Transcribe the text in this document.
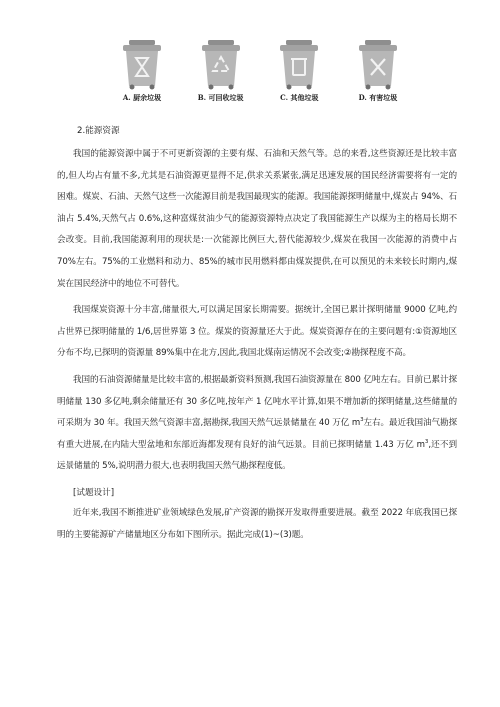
A. 厨余垃圾	B. 可回收垃圾	C. 其他垃圾	D. 有害垃圾
2.能源资源

我国的能源资源中属于不可更新资源的主要有煤、石油和天然气等。总的来看,这些资源还是比较丰富的,但人均占有量不多,尤其是石油资源更显得不足,供求关系紧张,满足迅速发展的国民经济需要将有一定的困难。煤炭、石油、天然气这些一次能源目前是我国最现实的能源。我国能源探明储量中,煤炭占 94%、石油占 5.4%,天然气占 0.6%,这种富煤贫油少气的能源资源特点决定了我国能源生产以煤为主的格局长期不会改变。目前,我国能源利用的现状是:一次能源比例巨大,替代能源较少,煤炭在我国一次能源的消费中占 70%左右。75%的工业燃料和动力、85%的城市民用燃料都由煤炭提供,在可以预见的未来较长时期内,煤炭在国民经济中的地位不可替代。

我国煤炭资源十分丰富,储量很大,可以满足国家长期需要。据统计,全国已累计探明储量 9000 亿吨,约占世界已探明储量的 1/6,居世界第 3 位。煤炭的资源量还大于此。煤炭资源存在的主要问题有:①资源地区分布不均,已探明的资源量 89%集中在北方,因此,我国北煤南运情况不会改变;②勘探程度不高。

我国的石油资源储量是比较丰富的,根据最新资料预测,我国石油资源量在 800 亿吨左右。目前已累计探明储量 130 多亿吨,剩余储量还有 30 多亿吨,按年产 1 亿吨水平计算,如果不增加新的探明储量,这些储量的可采期为 30 年。我国天然气资源丰富,据勘探,我国天然气远景储量在 40 万亿 $m^3$左右。最近我国油气勘探有重大进展,在内陆大型盆地和东部近海都发现有良好的油气远景。目前已探明储量 1.43 万亿 $m^3$,还不到远景储量的 5%,说明潜力很大,也表明我国天然气勘探程度低。

[试题设计]

近年来,我国不断推进矿业领域绿色发展,矿产资源的勘探开发取得重要进展。截至 2022 年底我国已探明的主要能源矿产储量地区分布如下图所示。据此完成(1)~(3)题。
